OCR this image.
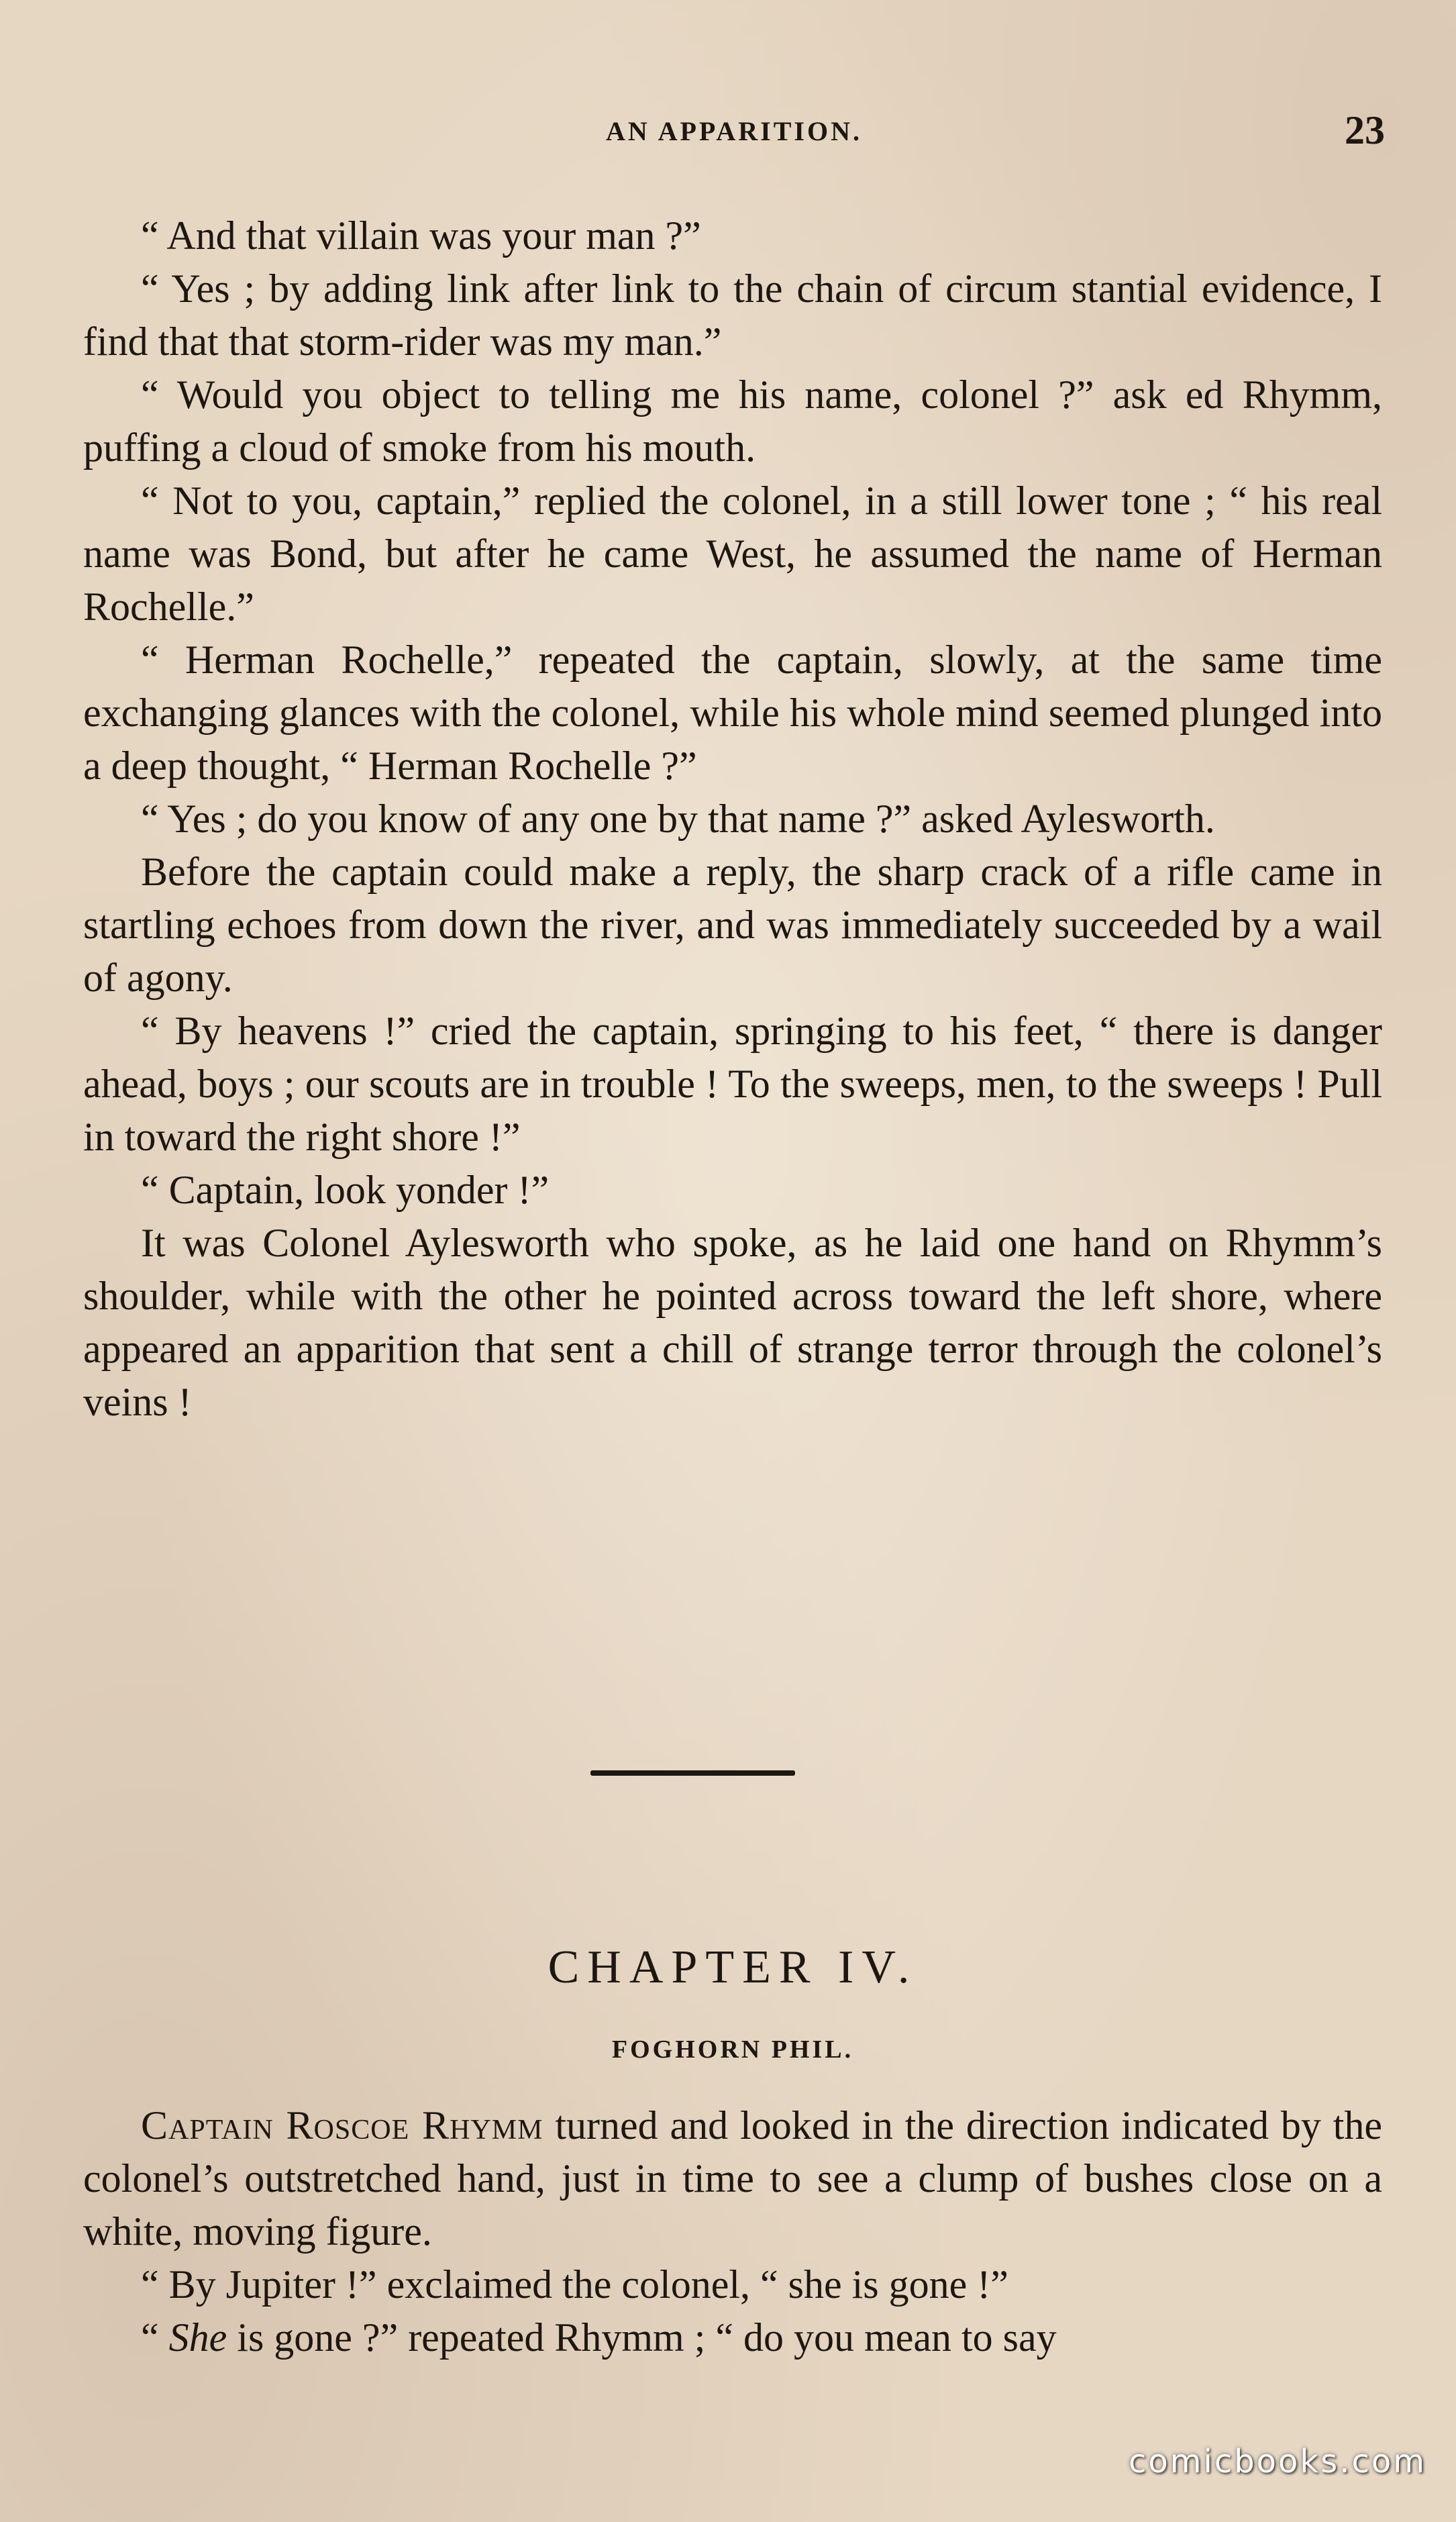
AN APPARITION.	23

“ And that villain was your man ?”

“ Yes ; by adding link after link to the chain of circum stantial evidence, I find that that storm-rider was my man.”

“ Would you object to telling me his name, colonel ?” ask ed Rhymm, puffing a cloud of smoke from his mouth.

“ Not to you, captain,” replied the colonel, in a still lower tone ; “ his real name was Bond, but after he came West, he assumed the name of Herman Rochelle.”

“ Herman Rochelle,” repeated the captain, slowly, at the same time exchanging glances with the colonel, while his whole mind seemed plunged into a deep thought, “ Herman Rochelle ?”

“ Yes ; do you know of any one by that name ?” asked Aylesworth.

Before the captain could make a reply, the sharp crack of a rifle came in startling echoes from down the river, and was immediately succeeded by a wail of agony.

“ By heavens !” cried the captain, springing to his feet, “ there is danger ahead, boys ; our scouts are in trouble ! To the sweeps, men, to the sweeps ! Pull in toward the right shore !”

“ Captain, look yonder !”

It was Colonel Aylesworth who spoke, as he laid one hand on Rhymm’s shoulder, while with the other he pointed across toward the left shore, where appeared an apparition that sent a chill of strange terror through the colonel’s veins !

CHAPTER IV.
FOGHORN PHIL.

Captain Roscoe Rhymm turned and looked in the direction indicated by the colonel’s outstretched hand, just in time to see a clump of bushes close on a white, moving figure.

“ By Jupiter !” exclaimed the colonel, “ she is gone !”

“ She is gone ?” repeated Rhymm ; “ do you mean to say

comicbooks.com
